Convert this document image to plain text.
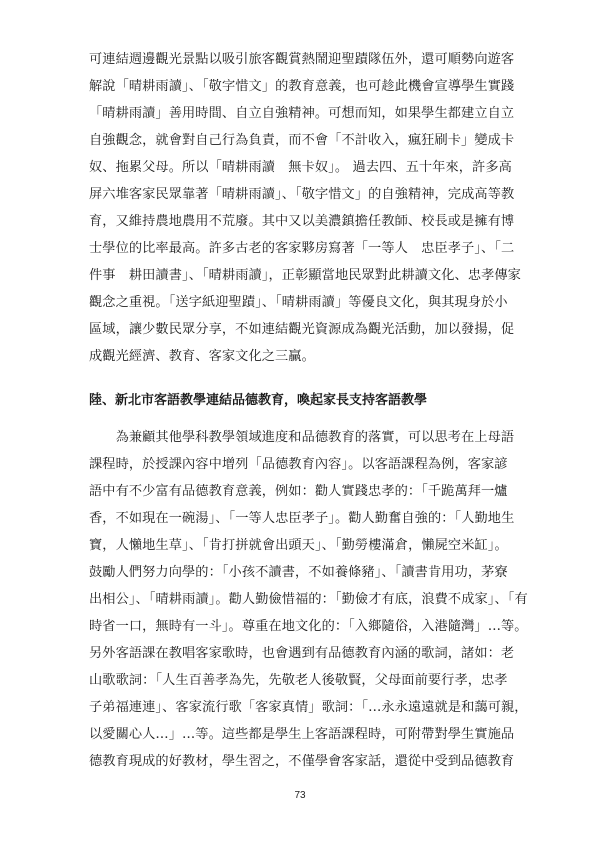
可連結週邊觀光景點以吸引旅客觀賞熱鬧迎聖蹟隊伍外，還可順勢向遊客

解說「晴耕雨讀」、「敬字惜文」的教育意義，也可趁此機會宣導學生實踐

「晴耕雨讀」善用時間、自立自強精神。可想而知，如果學生都建立自立

自強觀念，就會對自己行為負責，而不會「不計收入，瘋狂刷卡」變成卡

奴、拖累父母。所以「晴耕雨讀　無卡奴」。 過去四、五十年來，許多高

屏六堆客家民眾靠著「晴耕雨讀」、「敬字惜文」的自強精神，完成高等教

育，又維持農地農用不荒廢。其中又以美濃鎮擔任教師、校長或是擁有博

士學位的比率最高。許多古老的客家夥房寫著「一等人　忠臣孝子」、「二

件事　耕田讀書」、「晴耕雨讀」，正彰顯當地民眾對此耕讀文化、忠孝傳家

觀念之重視。「送字紙迎聖蹟」、「晴耕雨讀」等優良文化，與其現身於小

區域，讓少數民眾分享，不如連結觀光資源成為觀光活動，加以發揚，促

成觀光經濟、教育、客家文化之三贏。

陸、新北市客語教學連結品德教育，喚起家長支持客語教學

　　為兼顧其他學科教學領域進度和品德教育的落實，可以思考在上母語

課程時，於授課內容中增列「品德教育內容」。以客語課程為例，客家諺

語中有不少富有品德教育意義，例如：勸人實踐忠孝的：「千跪萬拜一爐

香，不如現在一碗湯」、「一等人忠臣孝子」。勸人勤奮自強的：「人勤地生

寶，人懶地生草」、「肯打拼就會出頭天」、「勤勞樓滿倉，懶屍空米缸」。

鼓勵人們努力向學的：「小孩不讀書，不如養條豬」、「讀書肯用功，茅寮

出相公」、「晴耕雨讀」。勸人勤儉惜福的：「勤儉才有底，浪費不成家」、「有

時省一口，無時有一斗」。尊重在地文化的：「入鄉隨俗，入港隨灣」…等。

另外客語課在教唱客家歌時，也會遇到有品德教育內涵的歌詞，諸如：老

山歌歌詞：「人生百善孝為先，先敬老人後敬賢，父母面前要行孝，忠孝

子弟福連連」、客家流行歌「客家真情」歌詞：「…永永遠遠就是和藹可親，

以愛關心人…」…等。這些都是學生上客語課程時，可附帶對學生實施品

德教育現成的好教材，學生習之，不僅學會客家話，還從中受到品德教育

73
